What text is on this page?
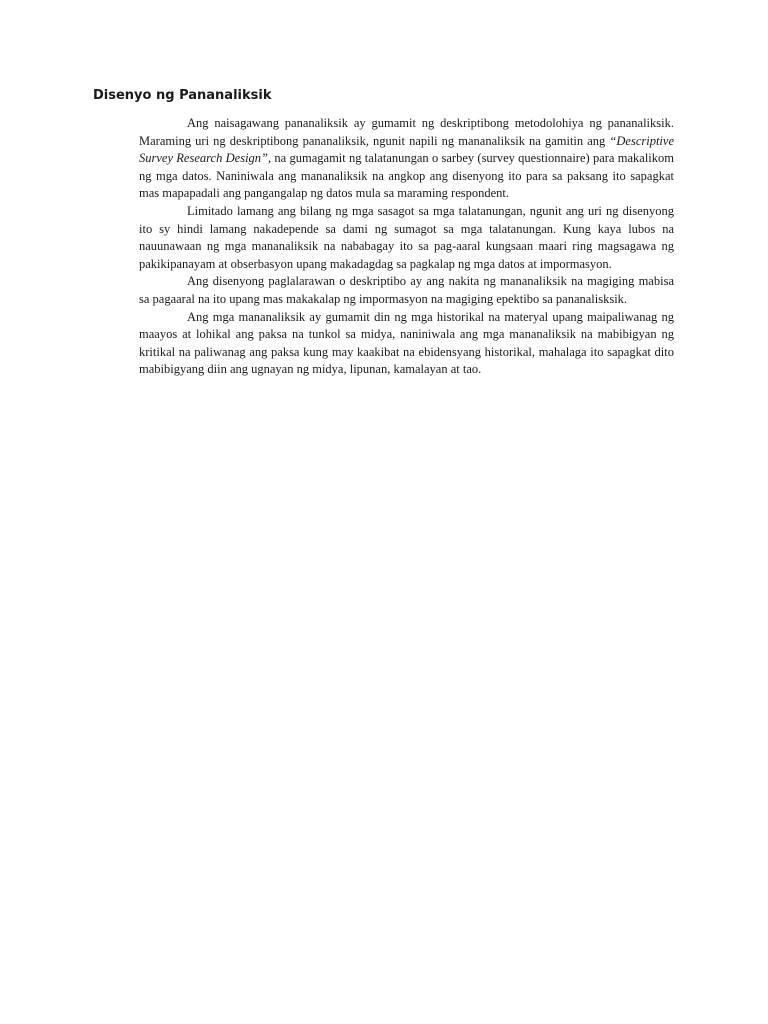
Disenyo ng Pananaliksik

Ang naisagawang pananaliksik ay gumamit ng deskriptibong metodolohiya ng pananaliksik. Maraming uri ng deskriptibong pananaliksik, ngunit napili ng mananaliksik na gamitin ang “Descriptive Survey Research Design”, na gumagamit ng talatanungan o sarbey (survey questionnaire) para makalikom ng mga datos. Naniniwala ang mananaliksik na angkop ang disenyong ito para sa paksang ito sapagkat mas mapapadali ang pangangalap ng datos mula sa maraming respondent.

Limitado lamang ang bilang ng mga sasagot sa mga talatanungan, ngunit ang uri ng disenyong ito sy hindi lamang nakadepende sa dami ng sumagot sa mga talatanungan. Kung kaya lubos na nauunawaan ng mga mananaliksik na nababagay ito sa pag-aaral kungsaan maari ring magsagawa ng pakikipanayam at obserbasyon upang makadagdag sa pagkalap ng mga datos at impormasyon.

Ang disenyong paglalarawan o deskriptibo ay ang nakita ng mananaliksik na magiging mabisa sa pagaaral na ito upang mas makakalap ng impormasyon na magiging epektibo sa pananalisksik.

Ang mga mananaliksik ay gumamit din ng mga historikal na materyal upang maipaliwanag ng maayos at lohikal ang paksa na tunkol sa midya, naniniwala ang mga mananaliksik na mabibigyan ng kritikal na paliwanag ang paksa kung may kaakibat na ebidensyang historikal, mahalaga ito sapagkat dito mabibigyang diin ang ugnayan ng midya, lipunan, kamalayan at tao.
